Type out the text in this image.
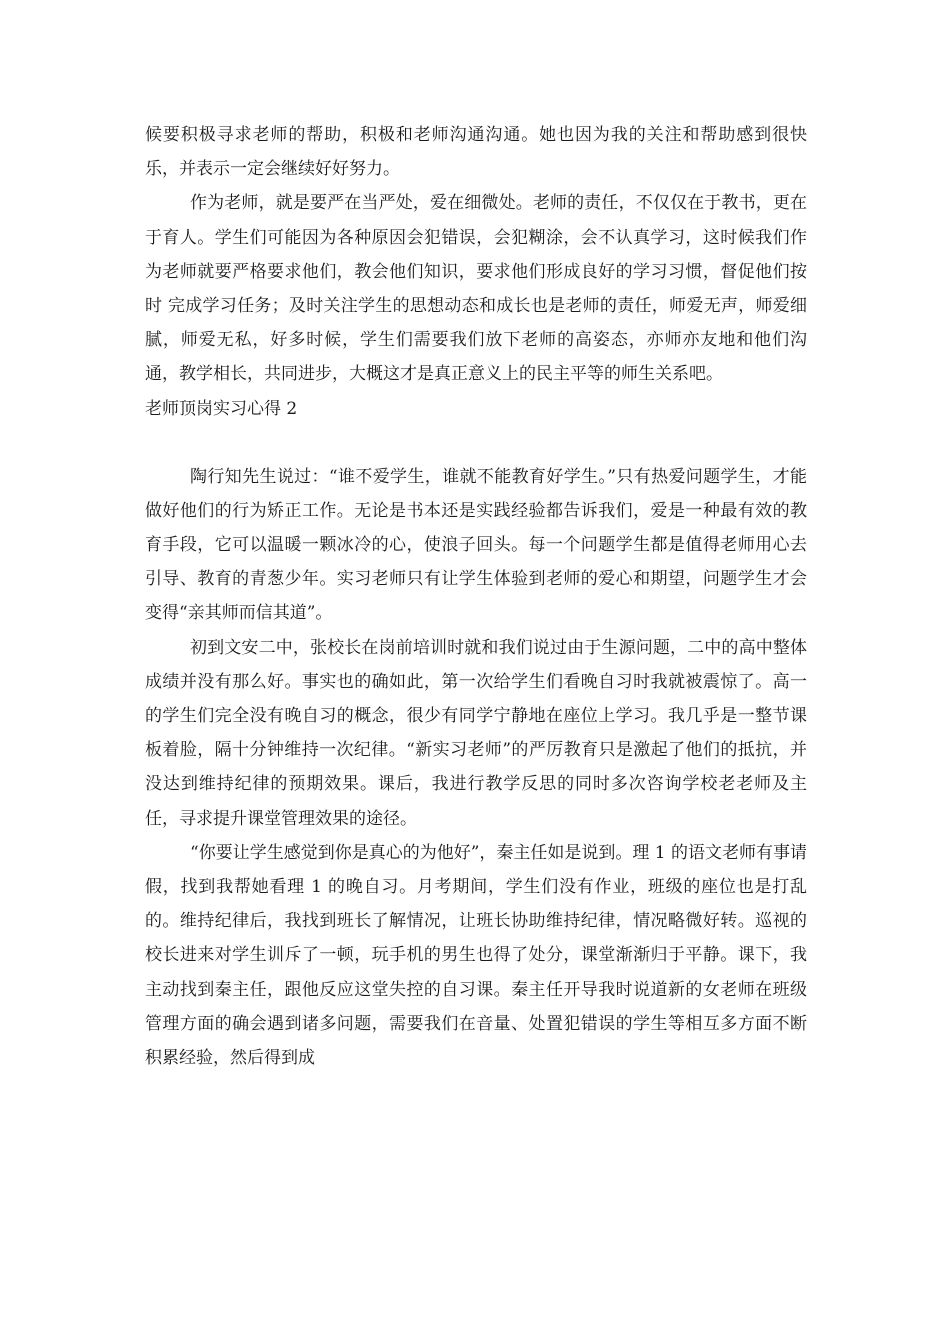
候要积极寻求老师的帮助，积极和老师沟通沟通。她也因为我的关注和帮助感到很快乐，并表示一定会继续好好努力。

作为老师，就是要严在当严处，爱在细微处。老师的责任，不仅仅在于教书，更在于育人。学生们可能因为各种原因会犯错误，会犯糊涂，会不认真学习，这时候我们作为老师就要严格要求他们，教会他们知识，要求他们形成良好的学习习惯，督促他们按时 完成学习任务；及时关注学生的思想动态和成长也是老师的责任，师爱无声，师爱细腻，师爱无私，好多时候，学生们需要我们放下老师的高姿态，亦师亦友地和他们沟通，教学相长，共同进步，大概这才是真正意义上的民主平等的师生关系吧。

老师顶岗实习心得 2

陶行知先生说过：“谁不爱学生，谁就不能教育好学生。”只有热爱问题学生，才能做好他们的行为矫正工作。无论是书本还是实践经验都告诉我们，爱是一种最有效的教育手段，它可以温暖一颗冰冷的心，使浪子回头。每一个问题学生都是值得老师用心去引导、教育的青葱少年。实习老师只有让学生体验到老师的爱心和期望，问题学生才会变得“亲其师而信其道”。

初到文安二中，张校长在岗前培训时就和我们说过由于生源问题，二中的高中整体成绩并没有那么好。事实也的确如此，第一次给学生们看晚自习时我就被震惊了。高一的学生们完全没有晚自习的概念，很少有同学宁静地在座位上学习。我几乎是一整节课板着脸，隔十分钟维持一次纪律。“新实习老师”的严厉教育只是激起了他们的抵抗，并没达到维持纪律的预期效果。课后，我进行教学反思的同时多次咨询学校老老师及主任，寻求提升课堂管理效果的途径。

“你要让学生感觉到你是真心的为他好”，秦主任如是说到。理 1 的语文老师有事请假，找到我帮她看理 1 的晚自习。月考期间，学生们没有作业，班级的座位也是打乱的。维持纪律后，我找到班长了解情况，让班长协助维持纪律，情况略微好转。巡视的校长进来对学生训斥了一顿，玩手机的男生也得了处分，课堂渐渐归于平静。课下，我主动找到秦主任，跟他反应这堂失控的自习课。秦主任开导我时说道新的女老师在班级管理方面的确会遇到诸多问题，需要我们在音量、处置犯错误的学生等相互多方面不断积累经验，然后得到成
